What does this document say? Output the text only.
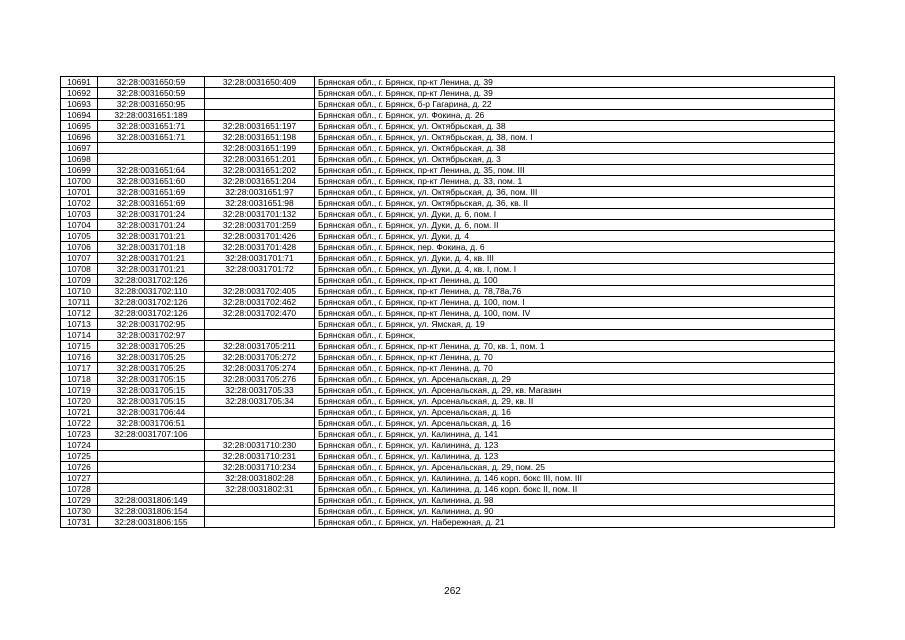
10691	32:28:0031650:59	32:28:0031650:409	Брянская обл., г. Брянск, пр-кт Ленина, д. 39
10692	32:28:0031650:59		Брянская обл., г. Брянск, пр-кт Ленина, д. 39
10693	32:28:0031650:95		Брянская обл., г. Брянск, б-р Гагарина, д. 22
10694	32:28:0031651:189		Брянская обл., г. Брянск, ул. Фокина, д. 26
10695	32:28:0031651:71	32:28:0031651:197	Брянская обл., г. Брянск, ул. Октябрьская, д. 38
10696	32:28:0031651:71	32:28:0031651:198	Брянская обл., г. Брянск, ул. Октябрьская, д. 38, пом. I
10697		32:28:0031651:199	Брянская обл., г. Брянск, ул. Октябрьская, д. 38
10698		32:28:0031651:201	Брянская обл., г. Брянск, ул. Октябрьская, д. 3
10699	32:28:0031651:64	32:28:0031651:202	Брянская обл., г. Брянск, пр-кт Ленина, д. 35, пом. III
10700	32:28:0031651:60	32:28:0031651:204	Брянская обл., г. Брянск, пр-кт Ленина, д. 33, пом. 1
10701	32:28:0031651:69	32:28:0031651:97	Брянская обл., г. Брянск, ул. Октябрьская, д. 36, пом. III
10702	32:28:0031651:69	32:28:0031651:98	Брянская обл., г. Брянск, ул. Октябрьская, д. 36, кв. II
10703	32:28:0031701:24	32:28:0031701:132	Брянская обл., г. Брянск, ул. Дуки, д. 6, пом. I
10704	32:28:0031701:24	32:28:0031701:259	Брянская обл., г. Брянск, ул. Дуки, д. 6, пом. II
10705	32:28:0031701:21	32:28:0031701:426	Брянская обл., г. Брянск, ул. Дуки, д. 4
10706	32:28:0031701:18	32:28:0031701:428	Брянская обл., г. Брянск, пер. Фокина, д. 6
10707	32:28:0031701:21	32:28:0031701:71	Брянская обл., г. Брянск, ул. Дуки, д. 4, кв. III
10708	32:28:0031701:21	32:28:0031701:72	Брянская обл., г. Брянск, ул. Дуки, д. 4, кв. I, пом. I
10709	32:28:0031702:126		Брянская обл., г. Брянск, пр-кт Ленина, д. 100
10710	32:28:0031702:110	32:28:0031702:405	Брянская обл., г. Брянск, пр-кт Ленина, д. 78,78а,76
10711	32:28:0031702:126	32:28:0031702:462	Брянская обл., г. Брянск, пр-кт Ленина, д. 100, пом. I
10712	32:28:0031702:126	32:28:0031702:470	Брянская обл., г. Брянск, пр-кт Ленина, д. 100, пом. IV
10713	32:28:0031702:95		Брянская обл., г. Брянск, ул. Ямская, д. 19
10714	32:28:0031702:97		Брянская обл., г. Брянск,
10715	32:28:0031705:25	32:28:0031705:211	Брянская обл., г. Брянск, пр-кт Ленина, д. 70, кв. 1, пом. 1
10716	32:28:0031705:25	32:28:0031705:272	Брянская обл., г. Брянск, пр-кт Ленина, д. 70
10717	32:28:0031705:25	32:28:0031705:274	Брянская обл., г. Брянск, пр-кт Ленина, д. 70
10718	32:28:0031705:15	32:28:0031705:276	Брянская обл., г. Брянск, ул. Арсенальская, д. 29
10719	32:28:0031705:15	32:28:0031705:33	Брянская обл., г. Брянск, ул. Арсенальская, д. 29, кв. Магазин
10720	32:28:0031705:15	32:28:0031705:34	Брянская обл., г. Брянск, ул. Арсенальская, д. 29, кв. II
10721	32:28:0031706:44		Брянская обл., г. Брянск, ул. Арсенальская, д. 16
10722	32:28:0031706:51		Брянская обл., г. Брянск, ул. Арсенальская, д. 16
10723	32:28:0031707:106		Брянская обл., г. Брянск, ул. Калинина, д. 141
10724		32:28:0031710:230	Брянская обл., г. Брянск, ул. Калинина, д. 123
10725		32:28:0031710:231	Брянская обл., г. Брянск, ул. Калинина, д. 123
10726		32:28:0031710:234	Брянская обл., г. Брянск, ул. Арсенальская, д. 29, пом. 25
10727		32:28:0031802:28	Брянская обл., г. Брянск, ул. Калинина, д. 146 корп. бокс III, пом. III
10728		32:28:0031802:31	Брянская обл., г. Брянск, ул. Калинина, д. 146 корп. бокс II, пом. II
10729	32:28:0031806:149		Брянская обл., г. Брянск, ул. Калинина, д. 98
10730	32:28:0031806:154		Брянская обл., г. Брянск, ул. Калинина, д. 90
10731	32:28:0031806:155		Брянская обл., г. Брянск, ул. Набережная, д. 21
262
